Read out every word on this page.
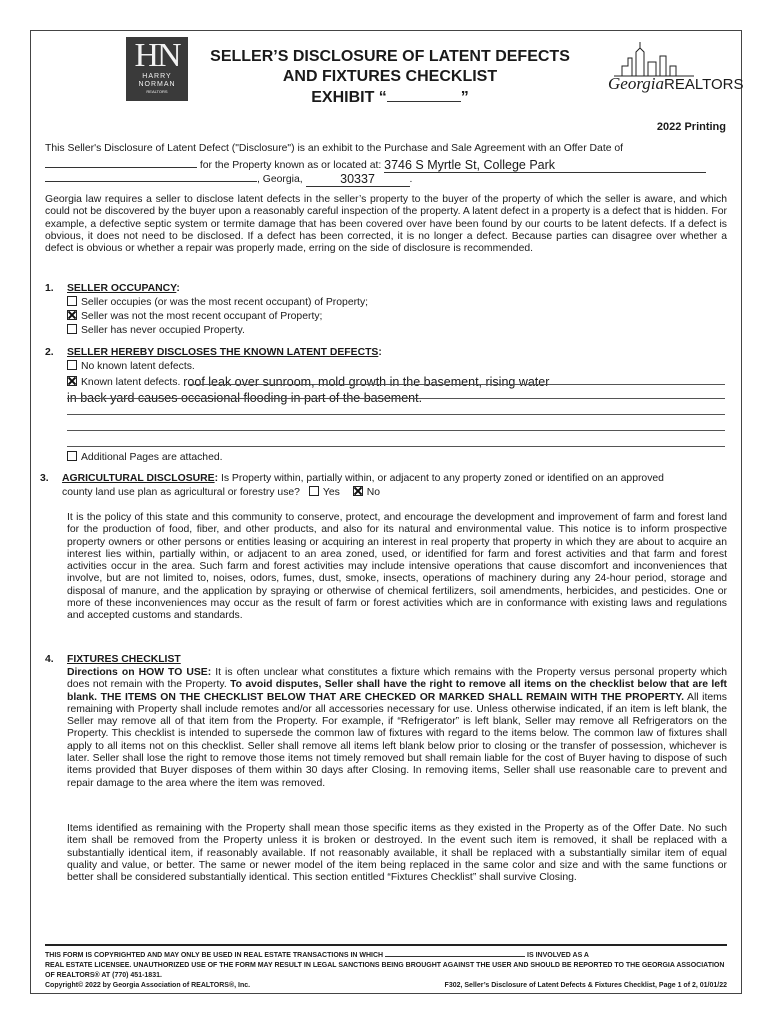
HN
HARRY
NORMAN
REALTORS
SELLER’S DISCLOSURE OF LATENT DEFECTS
AND FIXTURES CHECKLIST
EXHIBIT “	”
GeorgiaREALTORS
2022 Printing
This Seller's Disclosure of Latent Defect ("Disclosure") is an exhibit to the Purchase and Sale Agreement with an Offer Date of
for the Property known as or located at: 3746 S Myrtle St, College Park
, Georgia,	30337	.
Georgia law requires a seller to disclose latent defects in the seller’s property to the buyer of the property of which the seller is aware, and which could not be discovered by the buyer upon a reasonably careful inspection of the property. A latent defect in a property is a defect that is hidden. For example, a defective septic system or termite damage that has been covered over have been found by our courts to be latent defects. If a defect is obvious, it does not need to be disclosed. If a defect has been corrected, it is no longer a defect. Because parties can disagree over whether a defect is obvious or whether a repair was properly made, erring on the side of disclosure is recommended.
1.	SELLER OCCUPANCY:
Seller occupies (or was the most recent occupant) of Property;
Seller was not the most recent occupant of Property;
Seller has never occupied Property.
2.	SELLER HEREBY DISCLOSES THE KNOWN LATENT DEFECTS:
No known latent defects.
Known latent defects. roof leak over sunroom, mold growth in the basement, rising water
in back yard causes occasional flooding in part of the basement.
Additional Pages are attached.
3.	AGRICULTURAL DISCLOSURE: Is Property within, partially within, or adjacent to any property zoned or identified on an approved
county land use plan as agricultural or forestry use? Yes	No
It is the policy of this state and this community to conserve, protect, and encourage the development and improvement of farm and forest land for the production of food, fiber, and other products, and also for its natural and environmental value. This notice is to inform prospective property owners or other persons or entities leasing or acquiring an interest in real property that property in which they are about to acquire an interest lies within, partially within, or adjacent to an area zoned, used, or identified for farm and forest activities and that farm and forest activities occur in the area. Such farm and forest activities may include intensive operations that cause discomfort and inconveniences that involve, but are not limited to, noises, odors, fumes, dust, smoke, insects, operations of machinery during any 24-hour period, storage and disposal of manure, and the application by spraying or otherwise of chemical fertilizers, soil amendments, herbicides, and pesticides. One or more of these inconveniences may occur as the result of farm or forest activities which are in conformance with existing laws and regulations and accepted customs and standards.
4.	FIXTURES CHECKLIST
Directions on HOW TO USE: It is often unclear what constitutes a fixture which remains with the Property versus personal property which does not remain with the Property. To avoid disputes, Seller shall have the right to remove all items on the checklist below that are left blank. THE ITEMS ON THE CHECKLIST BELOW THAT ARE CHECKED OR MARKED SHALL REMAIN WITH THE PROPERTY. All items remaining with Property shall include remotes and/or all accessories necessary for use. Unless otherwise indicated, if an item is left blank, the Seller may remove all of that item from the Property. For example, if “Refrigerator” is left blank, Seller may remove all Refrigerators on the Property. This checklist is intended to supersede the common law of fixtures with regard to the items below. The common law of fixtures shall apply to all items not on this checklist. Seller shall remove all items left blank below prior to closing or the transfer of possession, whichever is later. Seller shall lose the right to remove those items not timely removed but shall remain liable for the cost of Buyer having to dispose of such items provided that Buyer disposes of them within 30 days after Closing. In removing items, Seller shall use reasonable care to prevent and repair damage to the area where the item was removed.
Items identified as remaining with the Property shall mean those specific items as they existed in the Property as of the Offer Date. No such item shall be removed from the Property unless it is broken or destroyed. In the event such item is removed, it shall be replaced with a substantially identical item, if reasonably available. If not reasonably available, it shall be replaced with a substantially similar item of equal quality and value, or better. The same or newer model of the item being replaced in the same color and size and with the same functions or better shall be considered substantially identical. This section entitled “Fixtures Checklist” shall survive Closing.
THIS FORM IS COPYRIGHTED AND MAY ONLY BE USED IN REAL ESTATE TRANSACTIONS IN WHICH	IS INVOLVED AS A
REAL ESTATE LICENSEE. UNAUTHORIZED USE OF THE FORM MAY RESULT IN LEGAL SANCTIONS BEING BROUGHT AGAINST THE USER AND SHOULD BE REPORTED TO THE GEORGIA ASSOCIATION OF REALTORS® AT (770) 451-1831.
Copyright© 2022 by Georgia Association of REALTORS®, Inc.	F302, Seller’s Disclosure of Latent Defects & Fixtures Checklist, Page 1 of 2, 01/01/22
